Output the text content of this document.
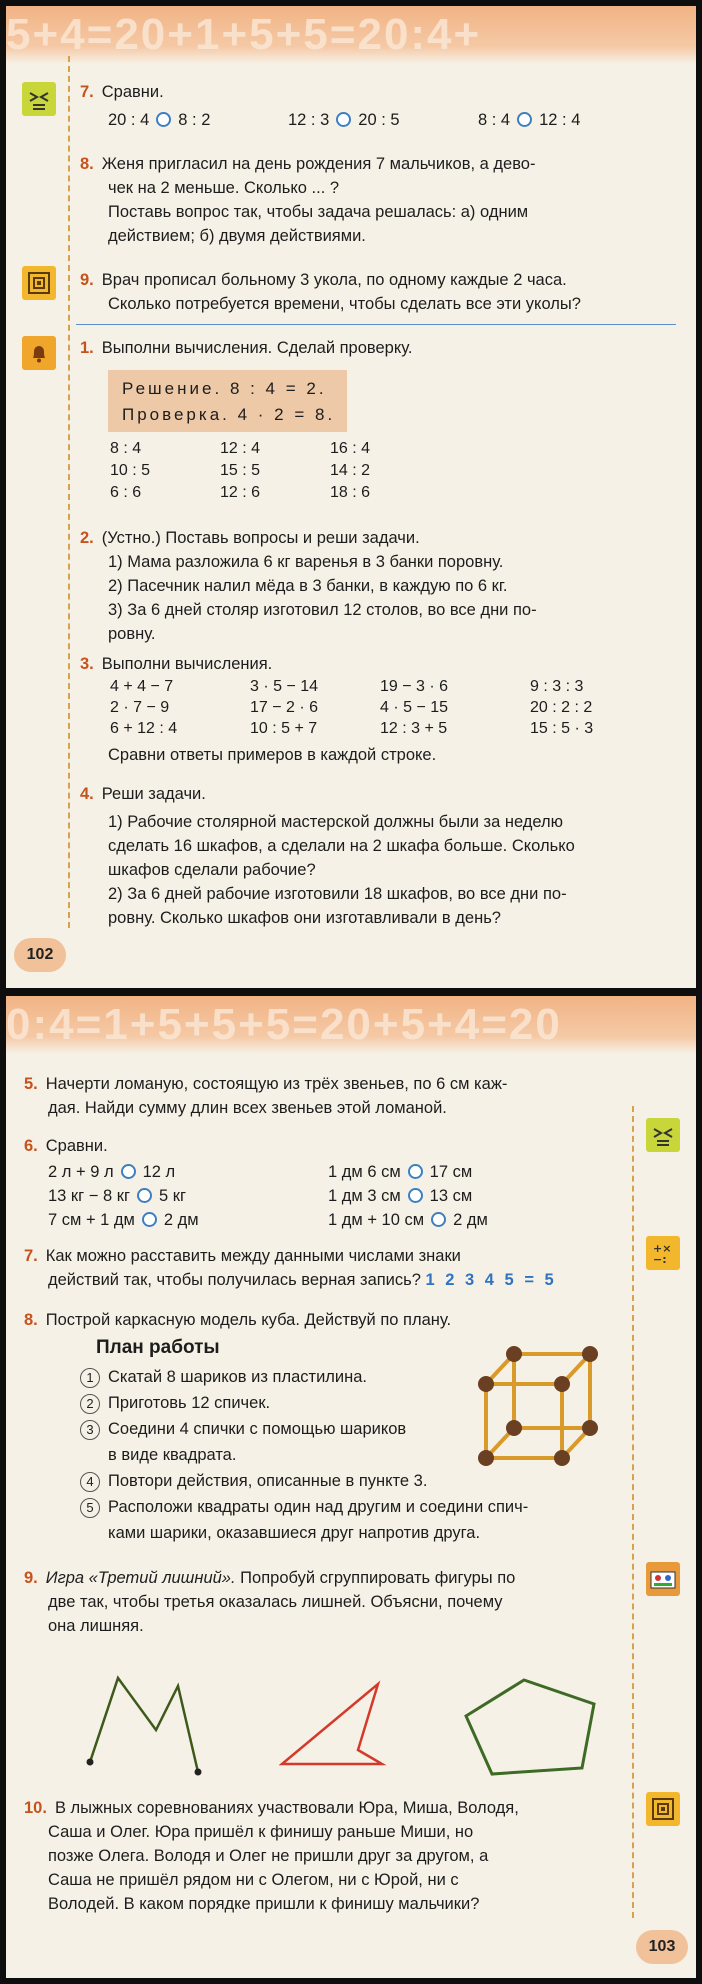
5+4=20+1+5+5=20:4+
7. Сравни.
20 : 4 8 : 2	12 : 3 20 : 5	8 : 4 12 : 4
8. Женя пригласил на день рождения 7 мальчиков, а дево-
чек на 2 меньше. Сколько ... ?
Поставь вопрос так, чтобы задача решалась: а) одним
действием; б) двумя действиями.
9. Врач прописал больному 3 укола, по одному каждые 2 часа.
Сколько потребуется времени, чтобы сделать все эти уколы?
1. Выполни вычисления. Сделай проверку.
Решение. 8 : 4 = 2.
Проверка. 4 · 2 = 8.
8 : 4	12 : 4	16 : 4
10 : 5	15 : 5	14 : 2
6 : 6	12 : 6	18 : 6
2. (Устно.) Поставь вопросы и реши задачи.
1) Мама разложила 6 кг варенья в 3 банки поровну.
2) Пасечник налил мёда в 3 банки, в каждую по 6 кг.
3) За 6 дней столяр изготовил 12 столов, во все дни по-
ровну.
3. Выполни вычисления.
4 + 4 − 7	3 · 5 − 14	19 − 3 · 6	9 : 3 : 3
2 · 7 − 9	17 − 2 · 6	4 · 5 − 15	20 : 2 : 2
6 + 12 : 4	10 : 5 + 7	12 : 3 + 5	15 : 5 · 3
Сравни ответы примеров в каждой строке.
4. Реши задачи.
1) Рабочие столярной мастерской должны были за неделю
сделать 16 шкафов, а сделали на 2 шкафа больше. Сколько
шкафов сделали рабочие?
2) За 6 дней рабочие изготовили 18 шкафов, во все дни по-
ровну. Сколько шкафов они изготавливали в день?
102
0:4=1+5+5+5=20+5+4=20
+×
−:
5. Начерти ломаную, состоящую из трёх звеньев, по 6 см каж-
дая. Найди сумму длин всех звеньев этой ломаной.
6. Сравни.
2 л + 9 л 12 л
13 кг − 8 кг 5 кг
7 см + 1 дм 2 дм
1 дм 6 см 17 см
1 дм 3 см 13 см
1 дм + 10 см 2 дм
7. Как можно расставить между данными числами знаки
действий так, чтобы получилась верная запись? 1 2 3 4 5 = 5
8. Построй каркасную модель куба. Действуй по плану.
План работы
1 Скатай 8 шариков из пластилина.
2 Приготовь 12 спичек.
3 Соедини 4 спички с помощью шариков
в виде квадрата.
4 Повтори действия, описанные в пункте 3.
5 Расположи квадраты один над другим и соедини спич-
ками шарики, оказавшиеся друг напротив друга.
9. Игра «Третий лишний». Попробуй сгруппировать фигуры по
две так, чтобы третья оказалась лишней. Объясни, почему
она лишняя.
10. В лыжных соревнованиях участвовали Юра, Миша, Володя,
Саша и Олег. Юра пришёл к финишу раньше Миши, но
позже Олега. Володя и Олег не пришли друг за другом, а
Саша не пришёл рядом ни с Олегом, ни с Юрой, ни с
Володей. В каком порядке пришли к финишу мальчики?
103
